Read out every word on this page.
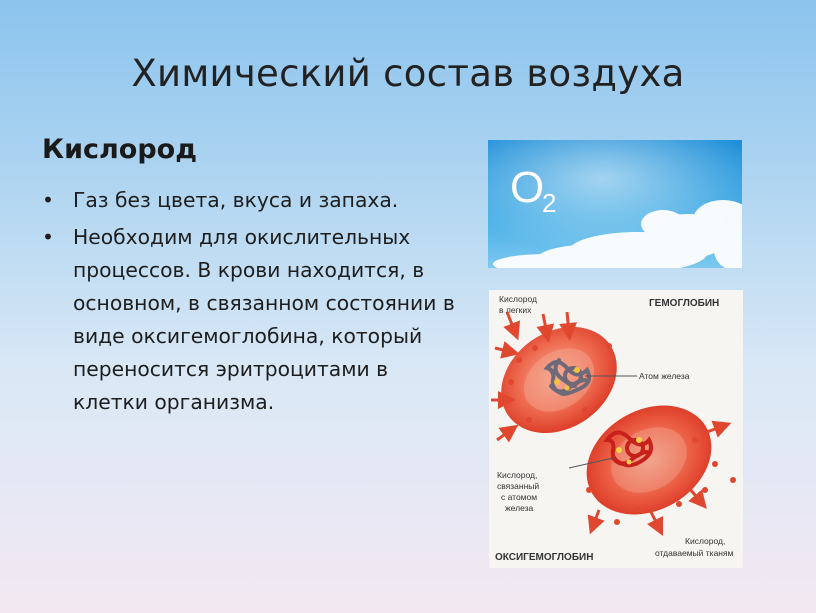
Химический состав воздуха
Кислород
• Газ без цвета, вкуса и запаха.
• Необходим для окислительных процессов. В крови находится, в основном, в связанном состоянии в виде оксигемоглобина, который переносится эритроцитами в клетки организма.
O
2
Кислород
в легких
ГЕМОГЛОБИН
Атом железа
Кислород,
связанный
с атомом
железа
ОКСИГЕМОГЛОБИН
Кислород,
отдаваемый тканям
